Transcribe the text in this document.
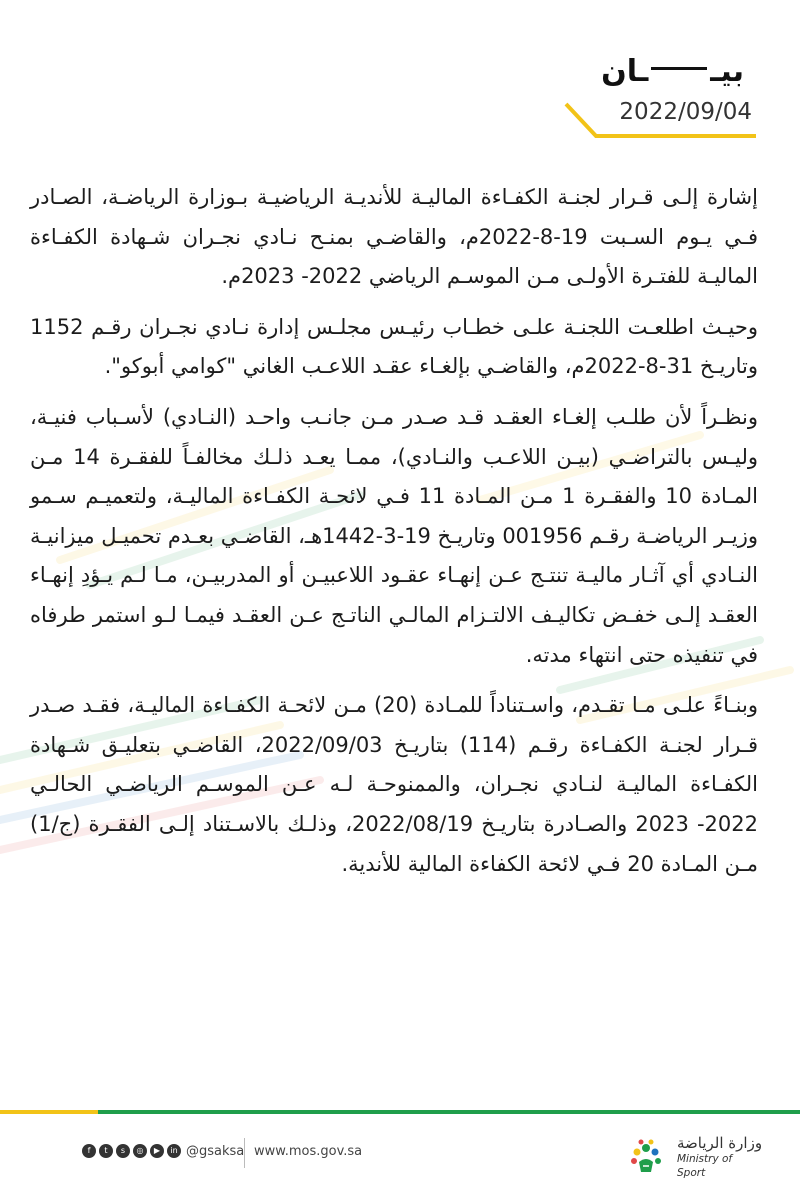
بيــان
2022/09/04

إشارة إلـى قـرار لجنـة الكفـاءة الماليـة للأنديـة الرياضيـة بـوزارة الرياضـة، الصـادر فـي يـوم السـبت 19-8-2022م، والقاضـي بمنـح نـادي نجـران شـهادة الكفـاءة الماليـة للفتـرة الأولـى مـن الموسـم الرياضي 2022- 2023م.

وحيـث اطلعـت اللجنـة علـى خطـاب رئيـس مجلـس إدارة نـادي نجـران رقـم 1152 وتاريـخ 31-8-2022م، والقاضـي بإلغـاء عقـد اللاعـب الغاني "كوامي أبوكو".

ونظـراً لأن طلـب إلغـاء العقـد قـد صـدر مـن جانـب واحـد (النـادي) لأسـباب فنيـة، وليـس بالتراضـي (بيـن اللاعـب والنـادي)، ممـا يعـد ذلـك مخالفـاً للفقـرة 14 مـن المـادة 10 والفقـرة 1 مـن المـادة 11 فـي لائحـة الكفـاءة الماليـة، ولتعميـم سـمو وزيـر الرياضـة رقـم 001956 وتاريـخ 19-3-1442هـ، القاضـي بعـدم تحميـل ميزانيـة النـادي أي آثـار ماليـة تنتـج عـن إنهـاء عقـود اللاعبيـن أو المدربيـن، مـا لـم يـؤدِ إنهـاء العقـد إلـى خفـض تكاليـف الالتـزام المالـي الناتـج عـن العقـد فيمـا لـو استمر طرفاه في تنفيذه حتى انتهاء مدته.

وبنـاءً علـى مـا تقـدم، واسـتناداً للمـادة (20) مـن لائحـة الكفـاءة الماليـة، فقـد صـدر قـرار لجنـة الكفـاءة رقـم (114) بتاريـخ 2022/09/03، القاضـي بتعليـق شـهادة الكفـاءة الماليـة لنـادي نجـران، والممنوحـة لـه عـن الموسـم الرياضـي الحالـي 2022- 2023 والصـادرة بتاريـخ 2022/08/19، وذلـك بالاسـتناد إلـى الفقـرة (ج/1) مـن المـادة 20 فـي لائحة الكفاءة المالية للأندية.

f	t	s	◎	▶	in @gsaksa www.mos.gov.sa	وزارة الرياضة
Ministry of Sport
